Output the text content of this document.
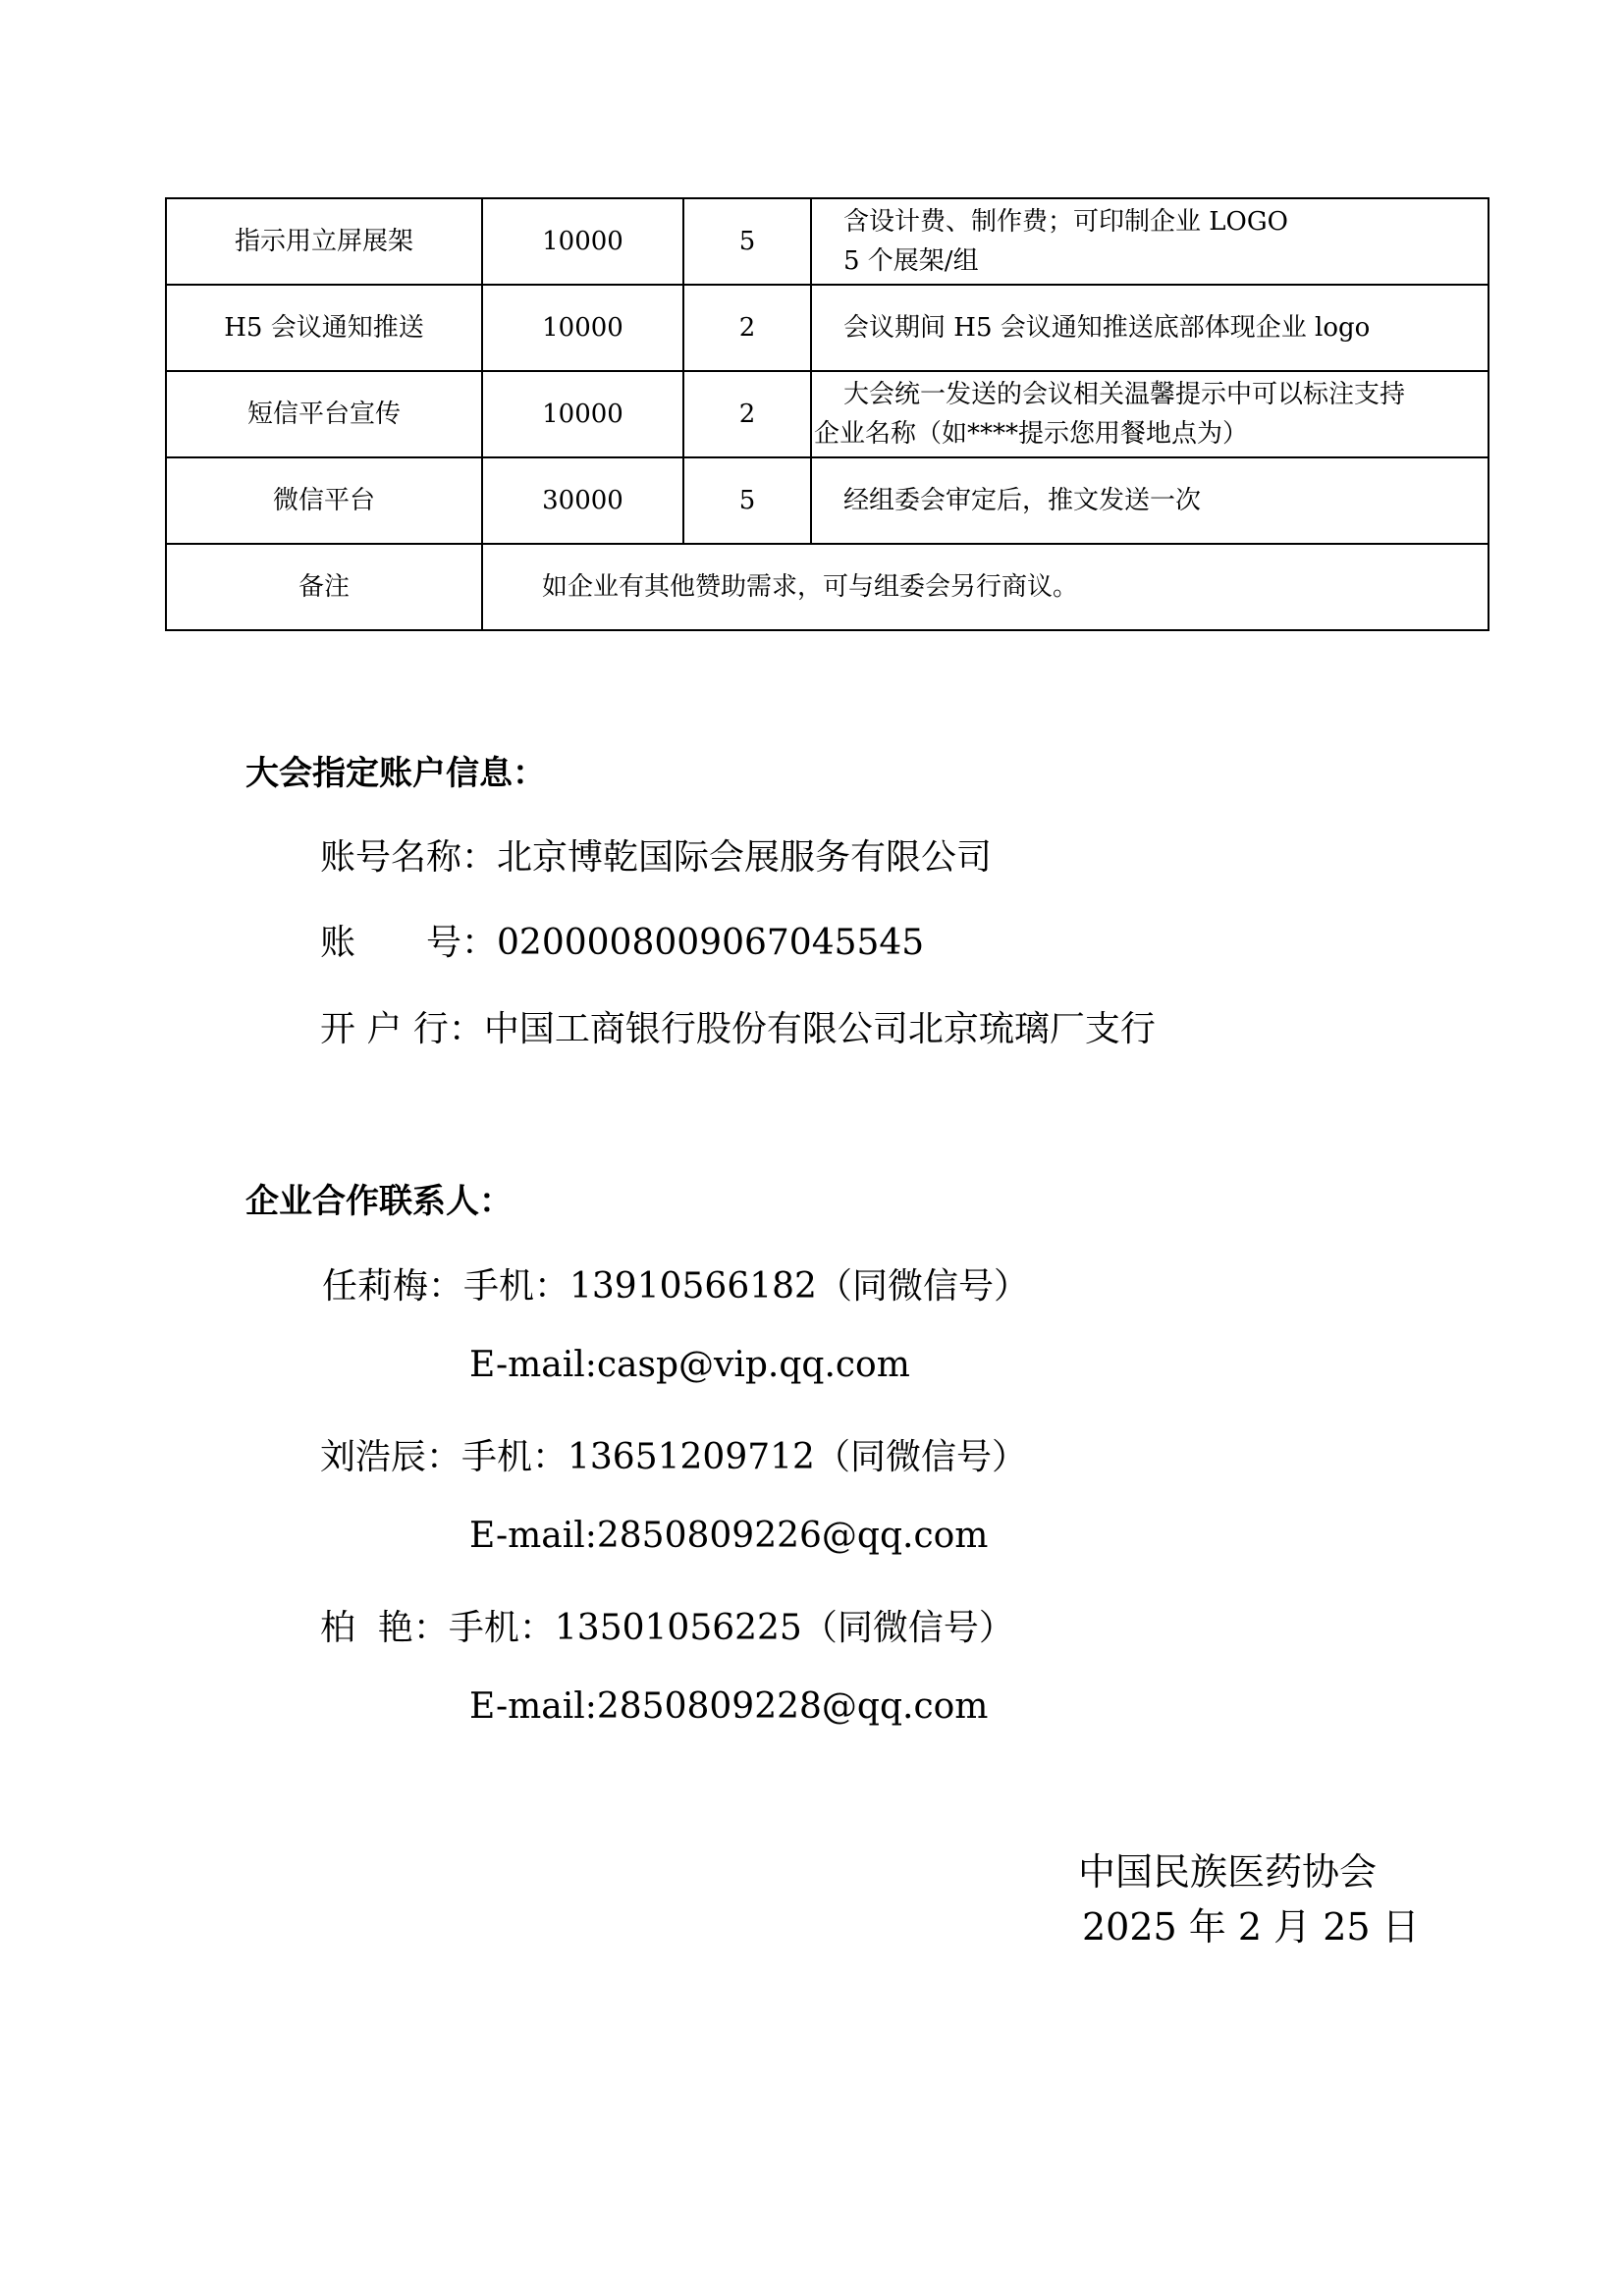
指示用立屏展架	10000	5	含设计费、制作费；可印制企业 LOGO
5 个展架/组

H5 会议通知推送	10000	2	会议期间 H5 会议通知推送底部体现企业 logo

短信平台宣传	10000	2	大会统一发送的会议相关温馨提示中可以标注支持
企业名称（如****提示您用餐地点为）

微信平台	30000	5	经组委会审定后，推文发送一次

备注	如企业有其他赞助需求，可与组委会另行商议。		
大会指定账户信息：
账号名称：北京博乾国际会展服务有限公司
账 号：0200008009067045545
开 户 行：中国工商银行股份有限公司北京琉璃厂支行
企业合作联系人：
任莉梅：手机：13910566182（同微信号）
E-mail:casp@vip.qq.com
刘浩辰：手机：13651209712（同微信号）
E-mail:2850809226@qq.com
柏  艳：手机：13501056225（同微信号）
E-mail:2850809228@qq.com
中国民族医药协会
2025 年 2 月 25 日
